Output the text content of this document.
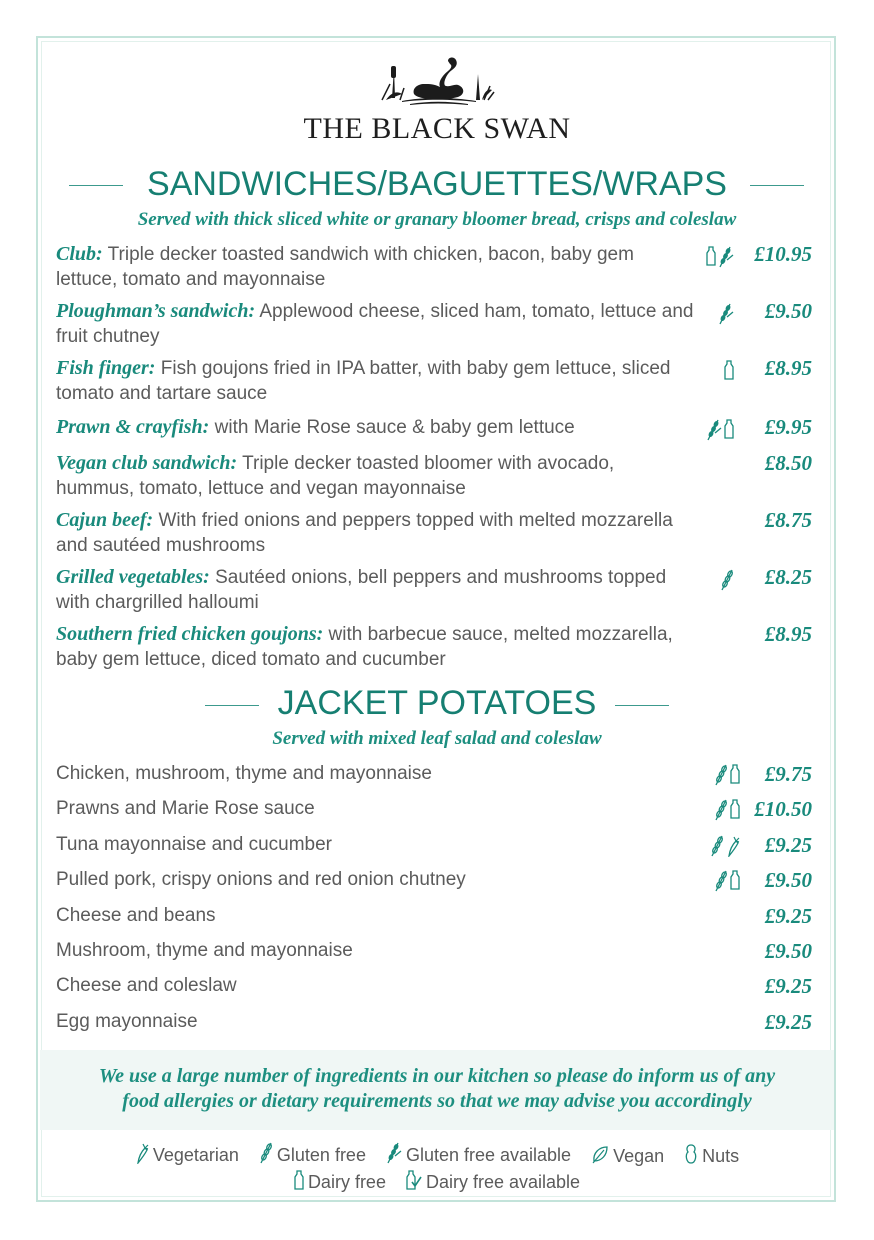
THE BLACK SWAN
SANDWICHES/BAGUETTES/WRAPS
Served with thick sliced white or granary bloomer bread, crisps and coleslaw
Club: Triple decker toasted sandwich with chicken, bacon, baby gem lettuce, tomato and mayonnaise
£10.95
Ploughman’s sandwich: Applewood cheese, sliced ham, tomato, lettuce and fruit chutney
£9.50
Fish finger: Fish goujons fried in IPA batter, with baby gem lettuce, sliced tomato and tartare sauce
£8.95
Prawn & crayfish: with Marie Rose sauce & baby gem lettuce	£9.95
Vegan club sandwich: Triple decker toasted bloomer with avocado, hummus, tomato, lettuce and vegan mayonnaise
£8.50
Cajun beef: With fried onions and peppers topped with melted mozzarella and sautéed mushrooms
£8.75
Grilled vegetables: Sautéed onions, bell peppers and mushrooms topped with chargrilled halloumi
£8.25
Southern fried chicken goujons: with barbecue sauce, melted mozzarella, baby gem lettuce, diced tomato and cucumber
£8.95
JACKET POTATOES
Served with mixed leaf salad and coleslaw
Chicken, mushroom, thyme and mayonnaise	£9.75
Prawns and Marie Rose sauce	£10.50
Tuna mayonnaise and cucumber	£9.25
Pulled pork, crispy onions and red onion chutney	£9.50
Cheese and beans	£9.25
Mushroom, thyme and mayonnaise	£9.50
Cheese and coleslaw	£9.25
Egg mayonnaise	£9.25
We use a large number of ingredients in our kitchen so please do inform us of any
food allergies or dietary requirements so that we may advise you accordingly
Vegetarian Gluten free Gluten free available Vegan Nuts
Dairy free Dairy free available
